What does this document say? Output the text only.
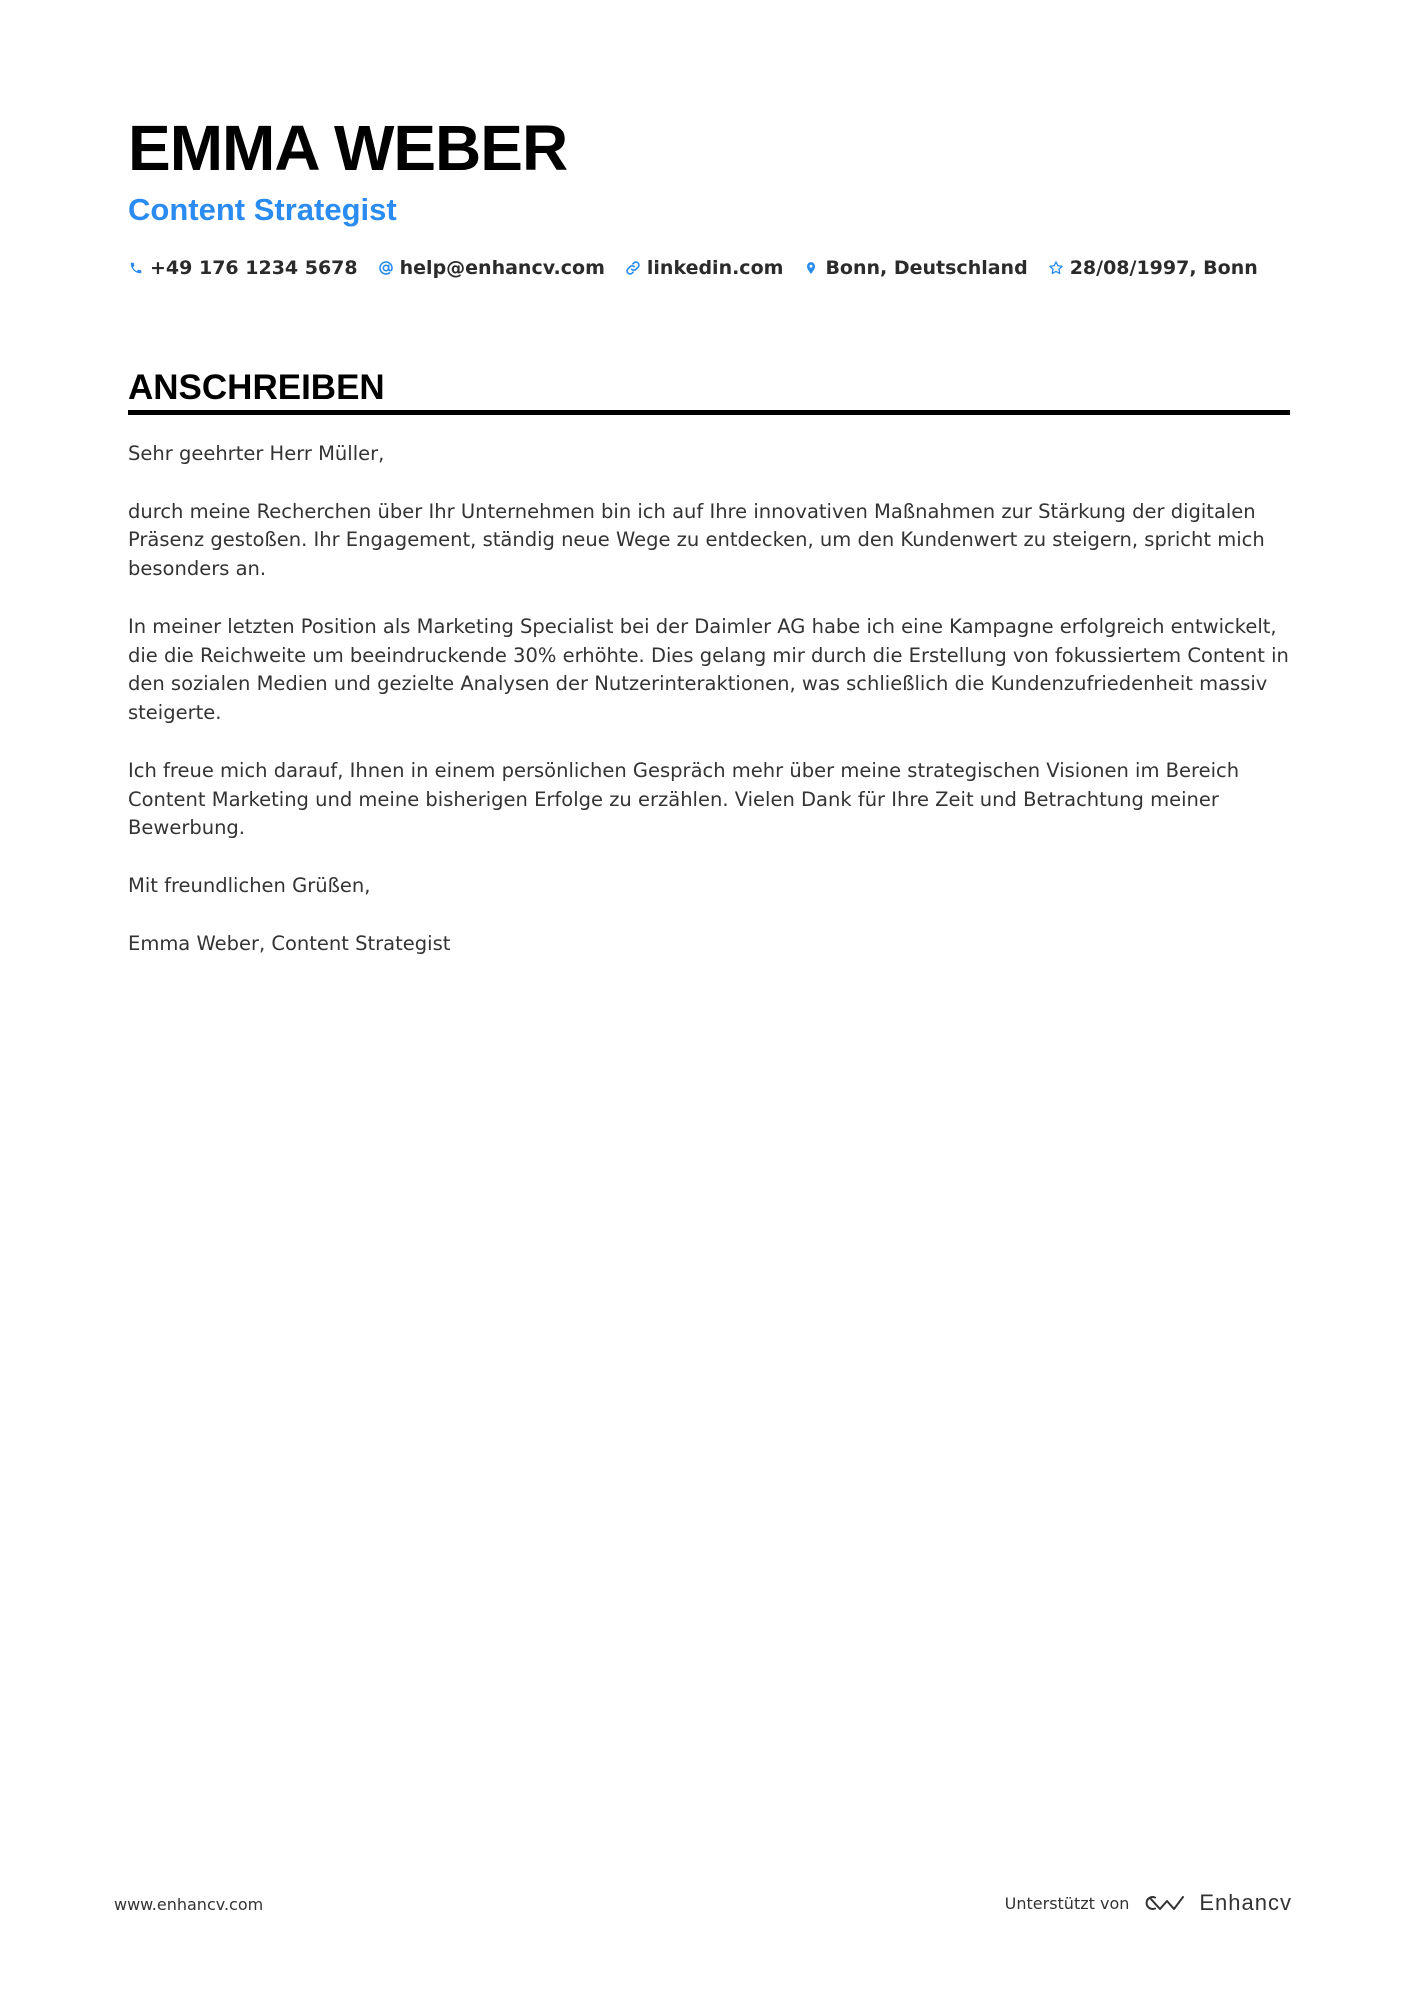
EMMA WEBER
Content Strategist
+49 176 1234 5678 help@enhancv.com linkedin.com Bonn, Deutschland 28/08/1997, Bonn
ANSCHREIBEN

Sehr geehrter Herr Müller,

durch meine Recherchen über Ihr Unternehmen bin ich auf Ihre innovativen Maßnahmen zur Stärkung der digitalen Präsenz gestoßen. Ihr Engagement, ständig neue Wege zu entdecken, um den Kundenwert zu steigern, spricht mich besonders an.

In meiner letzten Position als Marketing Specialist bei der Daimler AG habe ich eine Kampagne erfolgreich entwickelt, die die Reichweite um beeindruckende 30% erhöhte. Dies gelang mir durch die Erstellung von fokussiertem Content in den sozialen Medien und gezielte Analysen der Nutzerinteraktionen, was schließlich die Kundenzufriedenheit massiv steigerte.

Ich freue mich darauf, Ihnen in einem persönlichen Gespräch mehr über meine strategischen Visionen im Bereich Content Marketing und meine bisherigen Erfolge zu erzählen. Vielen Dank für Ihre Zeit und Betrachtung meiner Bewerbung.

Mit freundlichen Grüßen,

Emma Weber, Content Strategist

www.enhancv.com	Unterstützt von	Enhancv
